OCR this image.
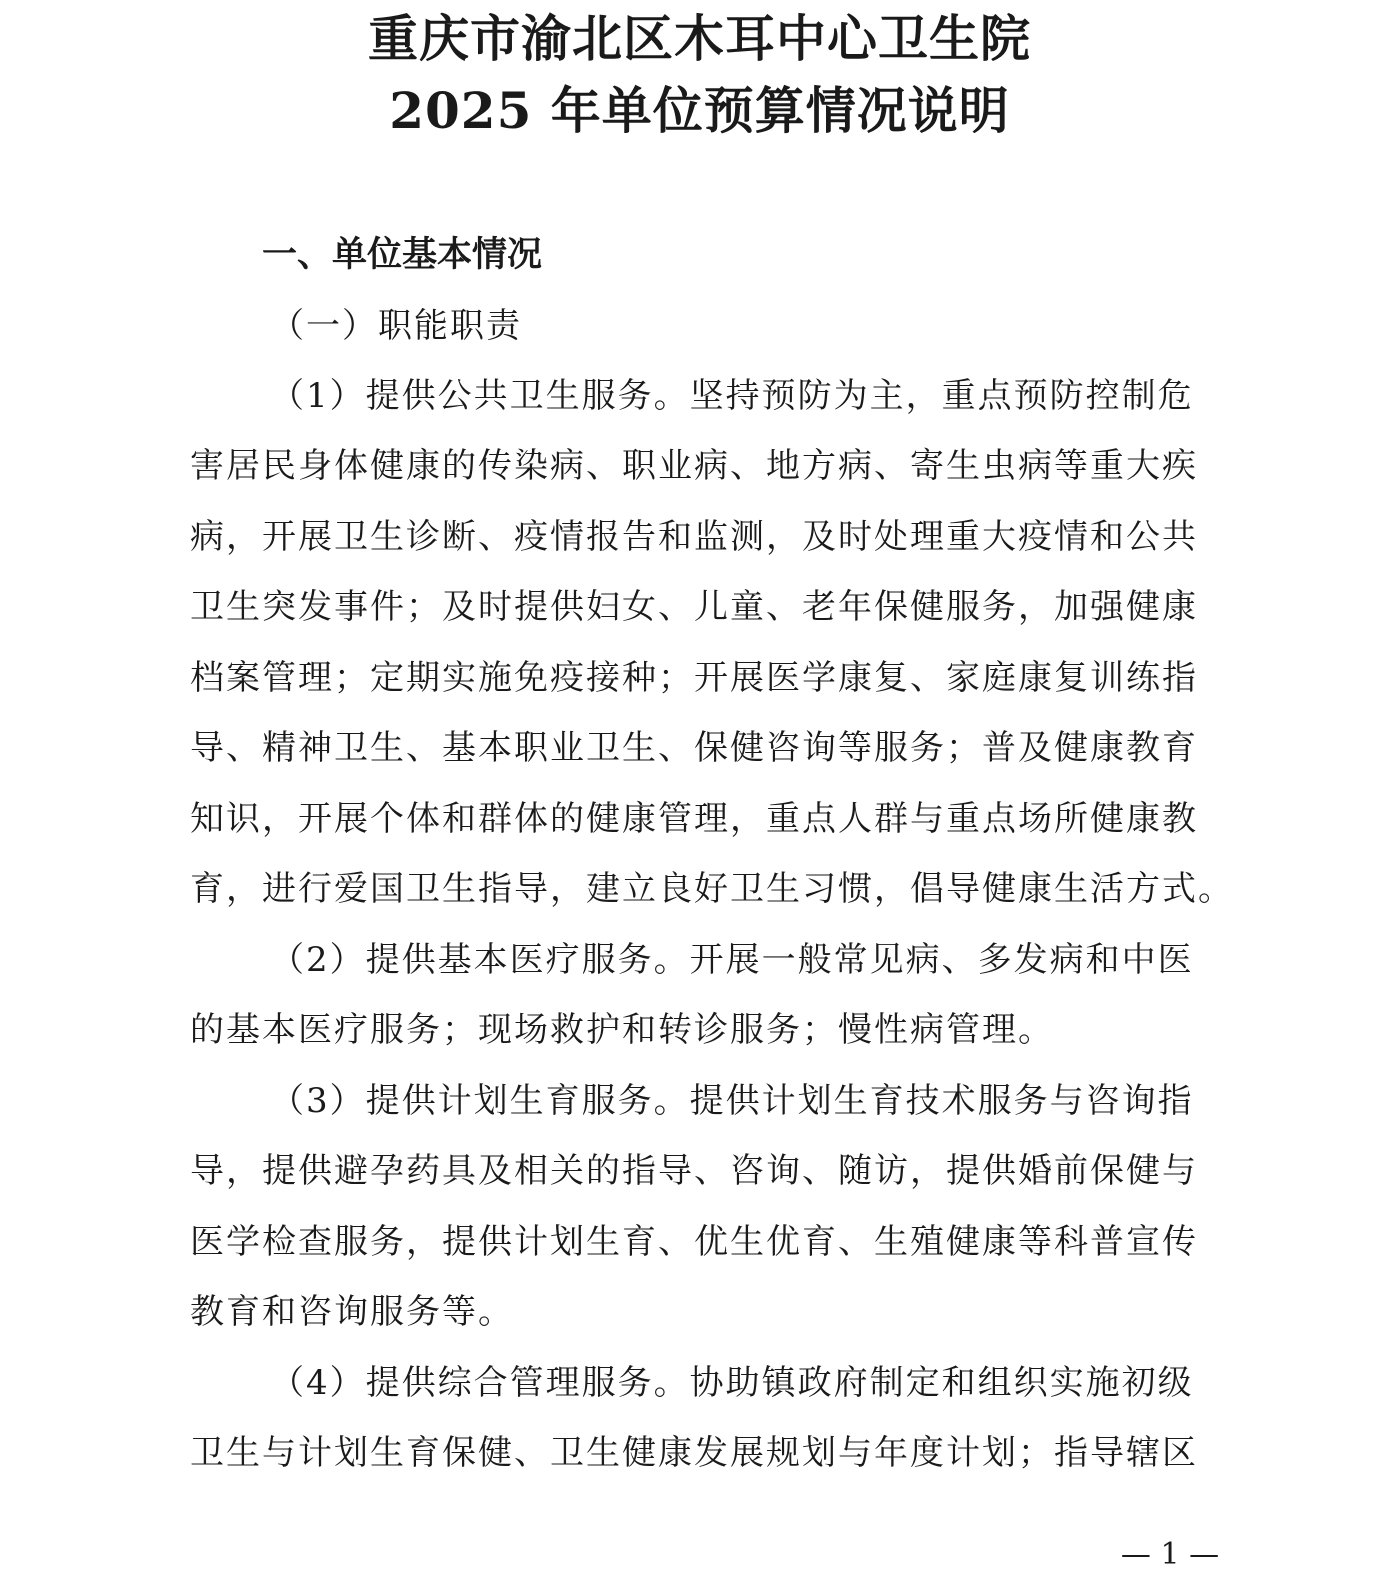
重庆市渝北区木耳中心卫生院
2025 年单位预算情况说明
一、单位基本情况
（一）职能职责
（1）提供公共卫生服务。坚持预防为主，重点预防控制危
害居民身体健康的传染病、职业病、地方病、寄生虫病等重大疾
病，开展卫生诊断、疫情报告和监测，及时处理重大疫情和公共
卫生突发事件；及时提供妇女、儿童、老年保健服务，加强健康
档案管理；定期实施免疫接种；开展医学康复、家庭康复训练指
导、精神卫生、基本职业卫生、保健咨询等服务；普及健康教育
知识，开展个体和群体的健康管理，重点人群与重点场所健康教
育，进行爱国卫生指导，建立良好卫生习惯，倡导健康生活方式。
（2）提供基本医疗服务。开展一般常见病、多发病和中医
的基本医疗服务；现场救护和转诊服务；慢性病管理。
（3）提供计划生育服务。提供计划生育技术服务与咨询指
导，提供避孕药具及相关的指导、咨询、随访，提供婚前保健与
医学检查服务，提供计划生育、优生优育、生殖健康等科普宣传
教育和咨询服务等。
（4）提供综合管理服务。协助镇政府制定和组织实施初级
卫生与计划生育保健、卫生健康发展规划与年度计划；指导辖区
— 1 —
